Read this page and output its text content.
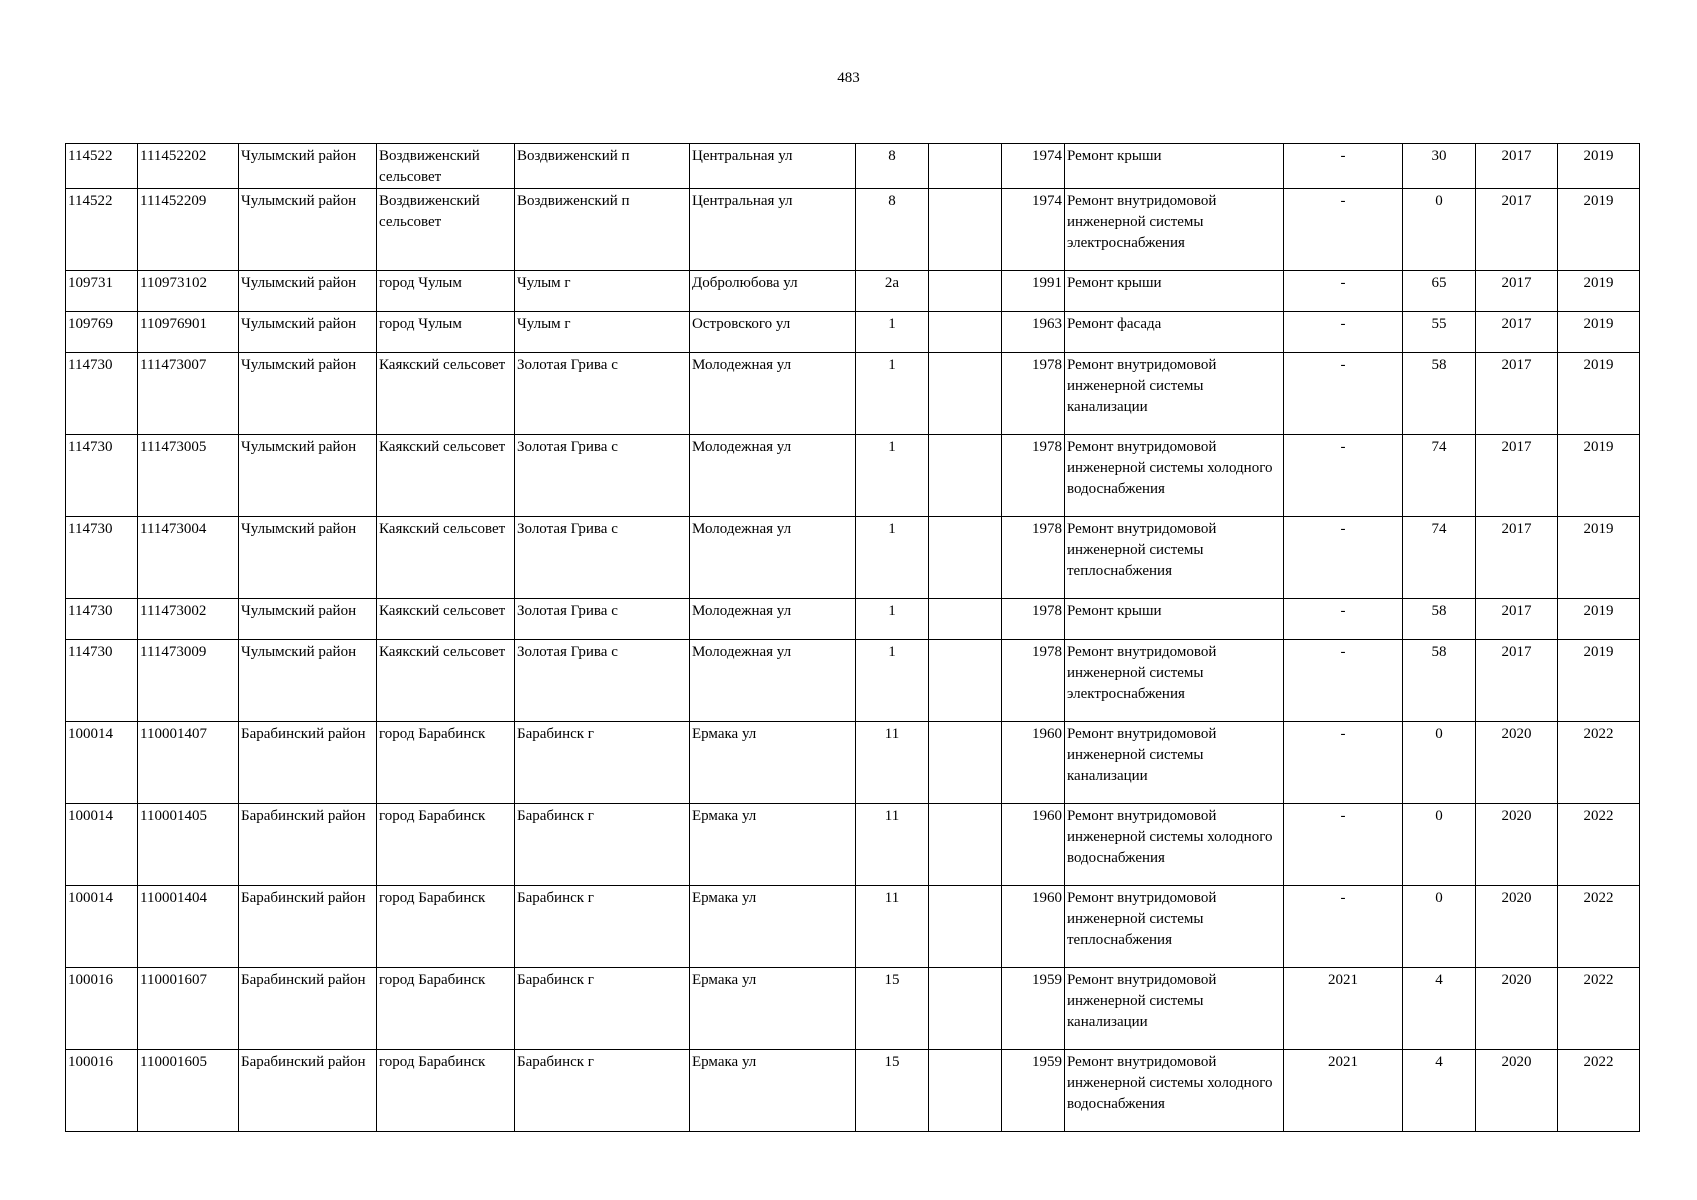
483
114522	111452202	Чулымский район	Воздвиженский сельсовет	Воздвиженский п	Центральная ул	8		1974	Ремонт крыши	-	30	2017	2019
114522	111452209	Чулымский район	Воздвиженский сельсовет	Воздвиженский п	Центральная ул	8		1974	Ремонт внутридомовой инженерной системы электроснабжения	-	0	2017	2019
109731	110973102	Чулымский район	город Чулым	Чулым г	Добролюбова ул	2а		1991	Ремонт крыши	-	65	2017	2019
109769	110976901	Чулымский район	город Чулым	Чулым г	Островского ул	1		1963	Ремонт фасада	-	55	2017	2019
114730	111473007	Чулымский район	Каякский сельсовет	Золотая Грива с	Молодежная ул	1		1978	Ремонт внутридомовой инженерной системы канализации	-	58	2017	2019
114730	111473005	Чулымский район	Каякский сельсовет	Золотая Грива с	Молодежная ул	1		1978	Ремонт внутридомовой инженерной системы холодного водоснабжения	-	74	2017	2019
114730	111473004	Чулымский район	Каякский сельсовет	Золотая Грива с	Молодежная ул	1		1978	Ремонт внутридомовой инженерной системы теплоснабжения	-	74	2017	2019
114730	111473002	Чулымский район	Каякский сельсовет	Золотая Грива с	Молодежная ул	1		1978	Ремонт крыши	-	58	2017	2019
114730	111473009	Чулымский район	Каякский сельсовет	Золотая Грива с	Молодежная ул	1		1978	Ремонт внутридомовой инженерной системы электроснабжения	-	58	2017	2019
100014	110001407	Барабинский район	город Барабинск	Барабинск г	Ермака ул	11		1960	Ремонт внутридомовой инженерной системы канализации	-	0	2020	2022
100014	110001405	Барабинский район	город Барабинск	Барабинск г	Ермака ул	11		1960	Ремонт внутридомовой инженерной системы холодного водоснабжения	-	0	2020	2022
100014	110001404	Барабинский район	город Барабинск	Барабинск г	Ермака ул	11		1960	Ремонт внутридомовой инженерной системы теплоснабжения	-	0	2020	2022
100016	110001607	Барабинский район	город Барабинск	Барабинск г	Ермака ул	15		1959	Ремонт внутридомовой инженерной системы канализации	2021	4	2020	2022
100016	110001605	Барабинский район	город Барабинск	Барабинск г	Ермака ул	15		1959	Ремонт внутридомовой инженерной системы холодного водоснабжения	2021	4	2020	2022
